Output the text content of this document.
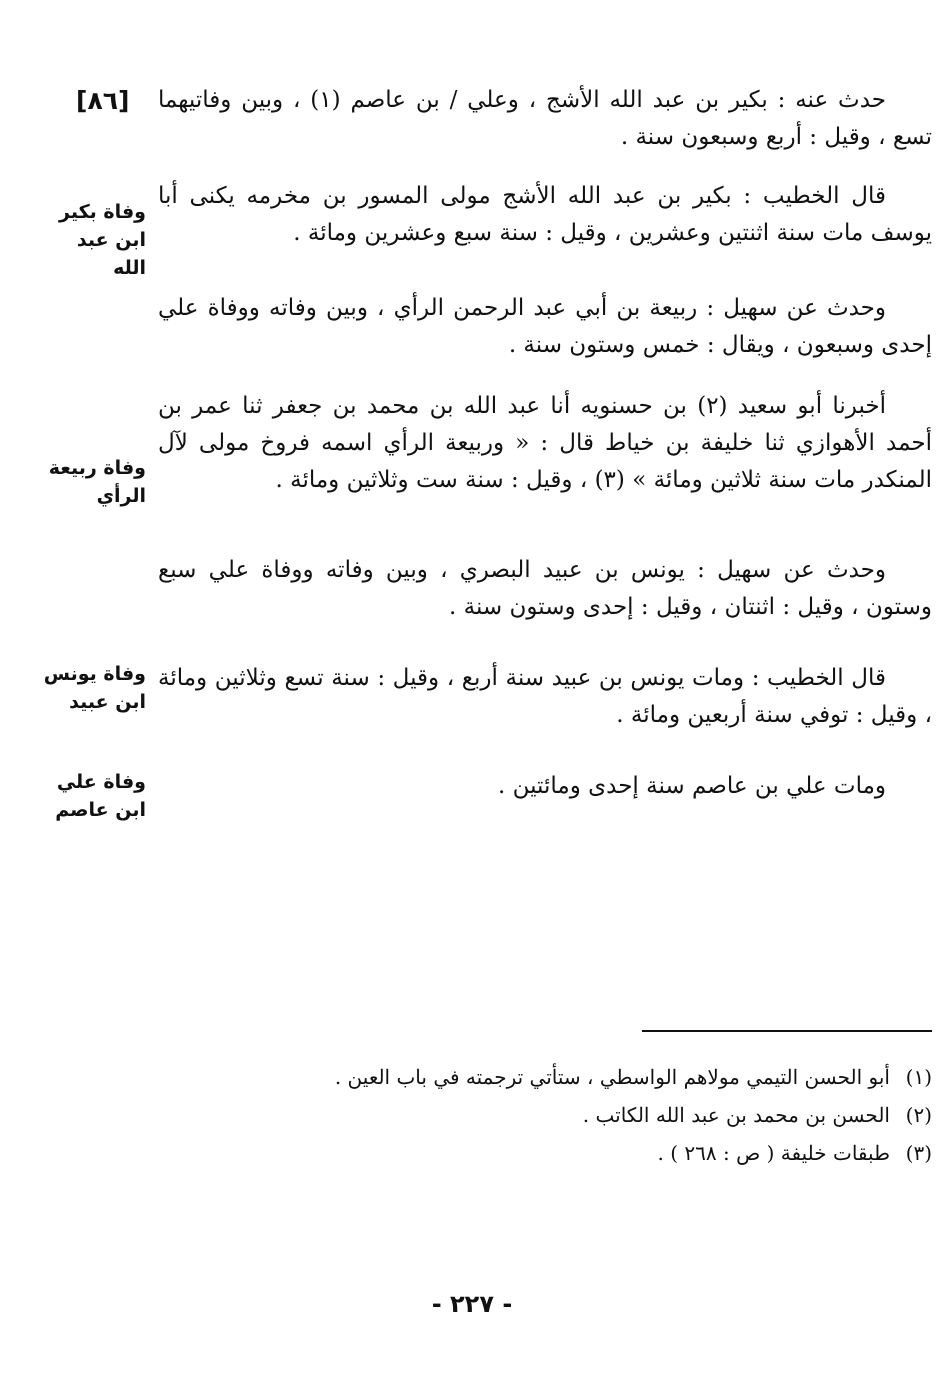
[٨٦] حدث عنه : بكير بن عبد الله الأشج ، وعلي / بن عاصم (١) ، وبين وفاتيهما تسع ، وقيل : أربع وسبعون سنة .

قال الخطيب : بكير بن عبد الله الأشج مولى المسور بن مخرمه يكنى أبا يوسف مات سنة اثنتين وعشرين ، وقيل : سنة سبع وعشرين ومائة .

وحدث عن سهيل : ربيعة بن أبي عبد الرحمن الرأي ، وبين وفاته ووفاة علي إحدى وسبعون ، ويقال : خمس وستون سنة .

أخبرنا أبو سعيد (٢) بن حسنويه أنا عبد الله بن محمد بن جعفر ثنا عمر بن أحمد الأهوازي ثنا خليفة بن خياط قال : « وربيعة الرأي اسمه فروخ مولى لآل المنكدر مات سنة ثلاثين ومائة » (٣) ، وقيل : سنة ست وثلاثين ومائة .

وحدث عن سهيل : يونس بن عبيد البصري ، وبين وفاته ووفاة علي سبع وستون ، وقيل : اثنتان ، وقيل : إحدى وستون سنة .

قال الخطيب : ومات يونس بن عبيد سنة أربع ، وقيل : سنة تسع وثلاثين ومائة ، وقيل : توفي سنة أربعين ومائة .

ومات علي بن عاصم سنة إحدى ومائتين .

وفاة بكير ابن عبد الله
وفاة ربيعة الرأي
وفاة يونس ابن عبيد
وفاة علي ابن عاصم
(١)
أبو الحسن التيمي مولاهم الواسطي ، ستأتي ترجمته في باب العين .
(٢)
الحسن بن محمد بن عبد الله الكاتب .
(٣)
طبقات خليفة ( ص : ٢٦٨ ) .
- ٢٢٧ -
